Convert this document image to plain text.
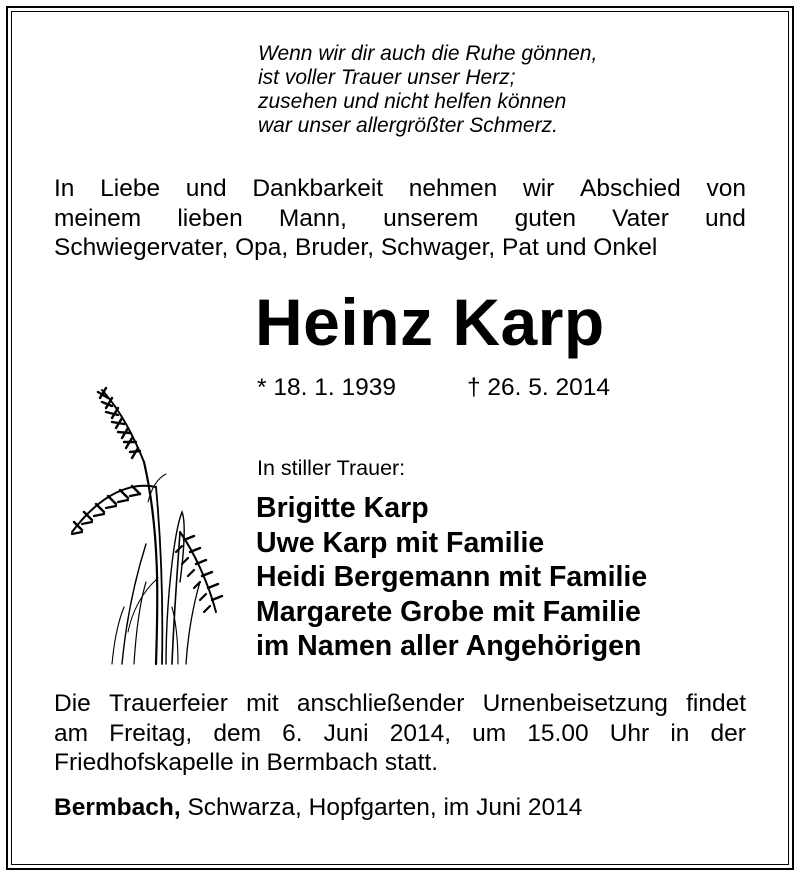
Wenn wir dir auch die Ruhe gönnen,
ist voller Trauer unser Herz;
zusehen und nicht helfen können
war unser allergrößter Schmerz.
In Liebe und Dankbarkeit nehmen wir Abschied von
meinem lieben Mann, unserem guten Vater und
Schwiegervater, Opa, Bruder, Schwager, Pat und Onkel
Heinz Karp
* 18. 1. 1939	† 26. 5. 2014
In stiller Trauer:
Brigitte Karp
Uwe Karp mit Familie
Heidi Bergemann mit Familie
Margarete Grobe mit Familie
im Namen aller Angehörigen
Die Trauerfeier mit anschließender Urnenbeisetzung findet
am Freitag, dem 6. Juni 2014, um 15.00 Uhr in der
Friedhofskapelle in Bermbach statt.
Bermbach, Schwarza, Hopfgarten, im Juni 2014
